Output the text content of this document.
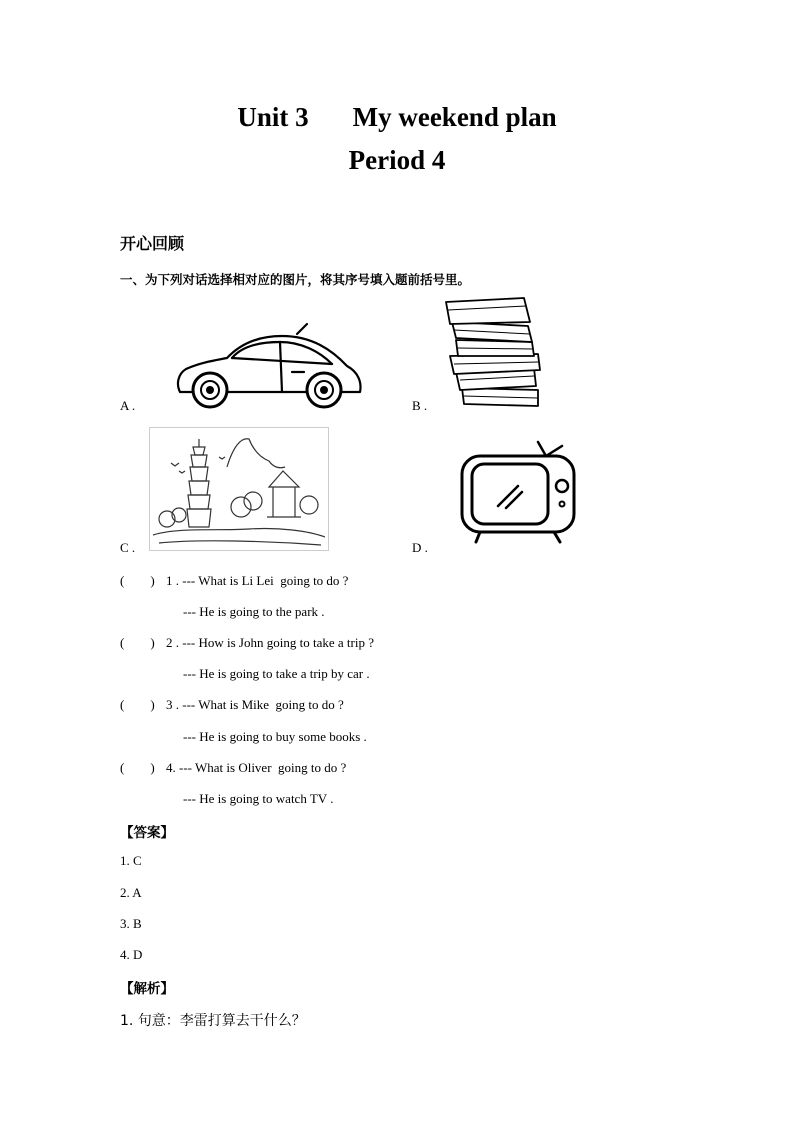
Unit 3 My weekend plan
Period 4
开心回顾
一、为下列对话选择相对应的图片，将其序号填入题前括号里。
A .	B .
C .	D .
(        ) 1 . --- What is Li Lei  going to do ?
--- He is going to the park .
(        ) 2 . --- How is John going to take a trip ?
--- He is going to take a trip by car .
(        ) 3 . --- What is Mike  going to do ?
--- He is going to buy some books .
(        ) 4. --- What is Oliver  going to do ?
--- He is going to watch TV .
【答案】
1. C
2. A
3. B
4. D
【解析】
1. 句意：李雷打算去干什么？
